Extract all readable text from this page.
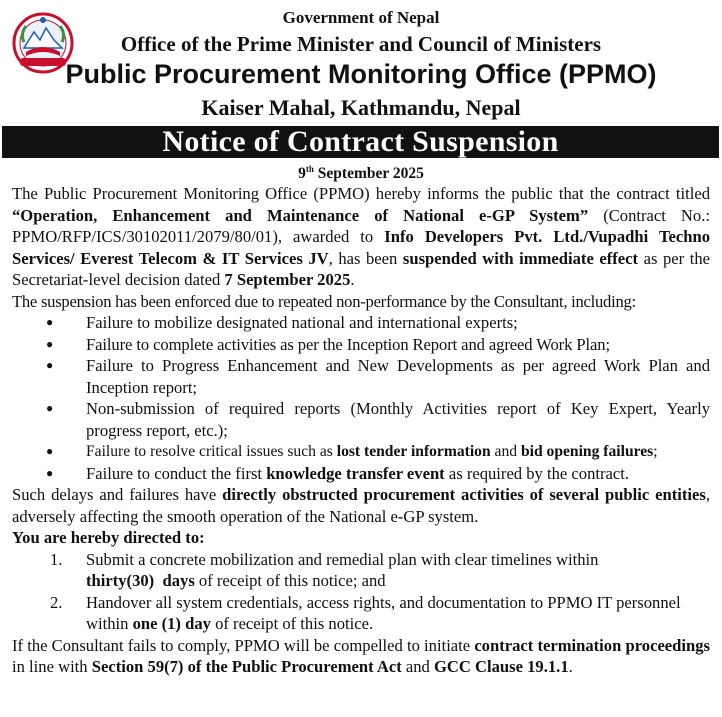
Government of Nepal
Office of the Prime Minister and Council of Ministers
Public Procurement Monitoring Office (PPMO)
Kaiser Mahal, Kathmandu, Nepal
Notice of Contract Suspension
9th September 2025

The Public Procurement Monitoring Office (PPMO) hereby informs the public that the contract titled “Operation, Enhancement and Maintenance of National e-GP System” (Contract No.: PPMO/RFP/ICS/30102011/2079/80/01), awarded to Info Developers Pvt. Ltd./Vupadhi Techno Services/ Everest Telecom & IT Services JV, has been suspended with immediate effect as per the Secretariat-level decision dated 7 September 2025.

The suspension has been enforced due to repeated non-performance by the Consultant, including:

● Failure to mobilize designated national and international experts;
● Failure to complete activities as per the Inception Report and agreed Work Plan;
● Failure to Progress Enhancement and New Developments as per agreed Work Plan and Inception report;
● Non-submission of required reports (Monthly Activities report of Key Expert, Yearly progress report, etc.);
● Failure to resolve critical issues such as lost tender information and bid opening failures;
● Failure to conduct the first knowledge transfer event as required by the contract.

Such delays and failures have directly obstructed procurement activities of several public entities, adversely affecting the smooth operation of the National e-GP system.

You are hereby directed to:

1. Submit a concrete mobilization and remedial plan with clear timelines within thirty(30)  days of receipt of this notice; and
2. Handover all system credentials, access rights, and documentation to PPMO IT personnel within one (1) day of receipt of this notice.

If the Consultant fails to comply, PPMO will be compelled to initiate contract termination proceedings in line with Section 59(7) of the Public Procurement Act and GCC Clause 19.1.1.
